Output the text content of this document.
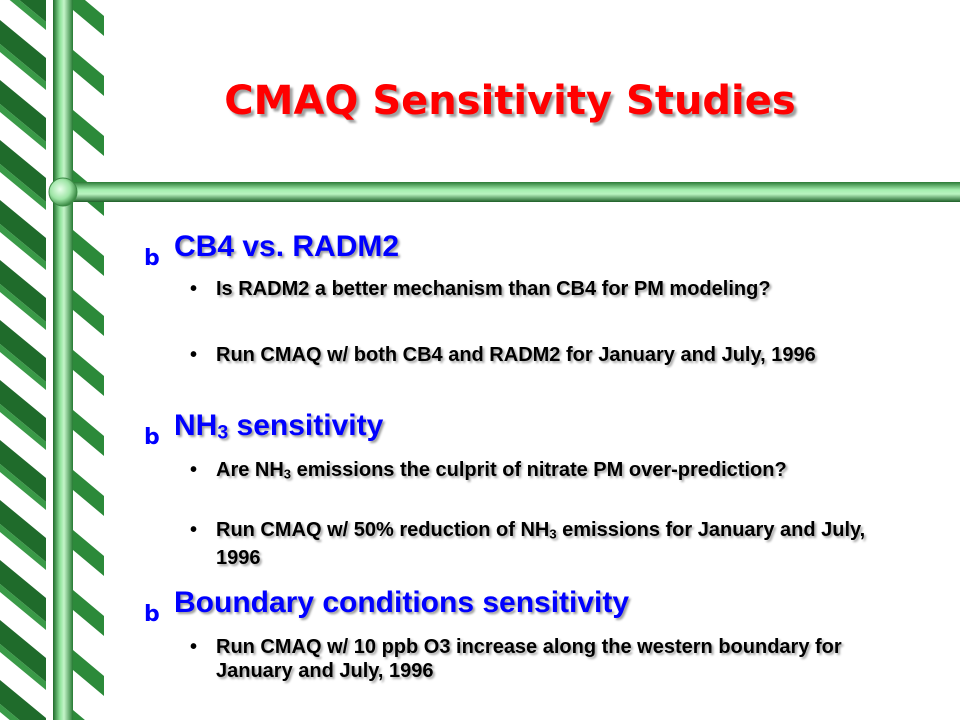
CMAQ Sensitivity Studies
b CB4 vs. RADM2
• Is RADM2 a better mechanism than CB4 for PM modeling?
• Run CMAQ w/ both CB4 and RADM2 for January and July, 1996
b $NH_3$ sensitivity
• Are $NH_3$ emissions the culprit of nitrate PM over-prediction?
• Run CMAQ w/ 50% reduction of $NH_3$ emissions for January and July, 1996
b Boundary conditions sensitivity
• Run CMAQ w/ 10 ppb O3 increase along the western boundary for January and July, 1996
